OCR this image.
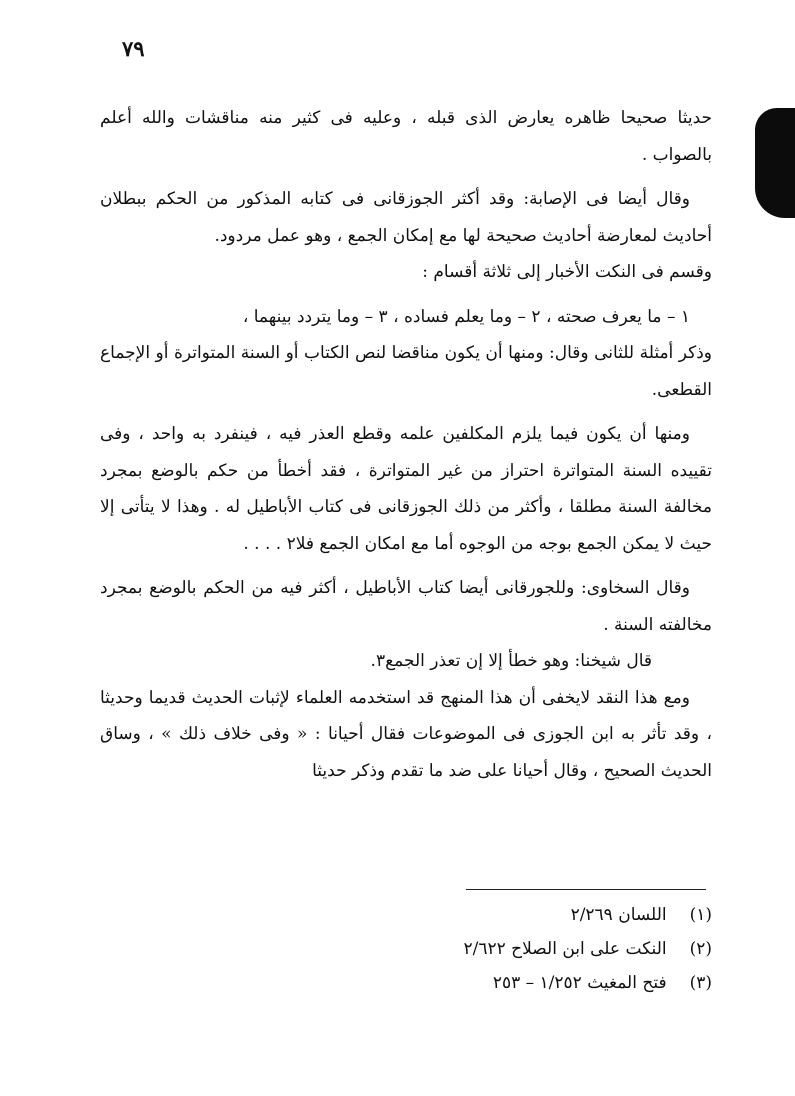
٧٩

حديثا صحيحا ظاهره يعارض الذى قبله ، وعليه فى كثير منه مناقشات والله أعلم بالصواب .

وقال أيضا فى الإصابة: وقد أكثر الجوزقانى فى كتابه المذكور من الحكم ببطلان أحاديث لمعارضة أحاديث صحيحة لها مع إمكان الجمع ، وهو عمل مردود.

وقسم فى النكت الأخبار إلى ثلاثة أقسام :

١ – ما يعرف صحته ، ٢ – وما يعلم فساده ، ٣ – وما يتردد بينهما ،

وذكر أمثلة للثانى وقال: ومنها أن يكون مناقضا لنص الكتاب أو السنة المتواترة أو الإجماع القطعى.

ومنها أن يكون فيما يلزم المكلفين علمه وقطع العذر فيه ، فينفرد به واحد ، وفى تقييده السنة المتواترة احتراز من غير المتواترة ، فقد أخطأ من حكم بالوضع بمجرد مخالفة السنة مطلقا ، وأكثر من ذلك الجوزقانى فى كتاب الأباطيل له . وهذا لا يتأتى إلا حيث لا يمكن الجمع بوجه من الوجوه أما مع امكان الجمع فلا٢ . . . .

وقال السخاوى: وللجورقانى أيضا كتاب الأباطيل ، أكثر فيه من الحكم بالوضع بمجرد مخالفته السنة .

قال شيخنا: وهو خطأ إلا إن تعذر الجمع٣.

ومع هذا النقد لايخفى أن هذا المنهج قد استخدمه العلماء لإثبات الحديث قديما وحديثا ، وقد تأثر به ابن الجوزى فى الموضوعات فقال أحيانا : « وفى خلاف ذلك » ، وساق الحديث الصحيح ، وقال أحيانا على ضد ما تقدم وذكر حديثا

(١) اللسان ٢/٢٦٩
(٢) النكت على ابن الصلاح ٢/٦٢٢
(٣) فتح المغيث ١/٢٥٢ – ٢٥٣
